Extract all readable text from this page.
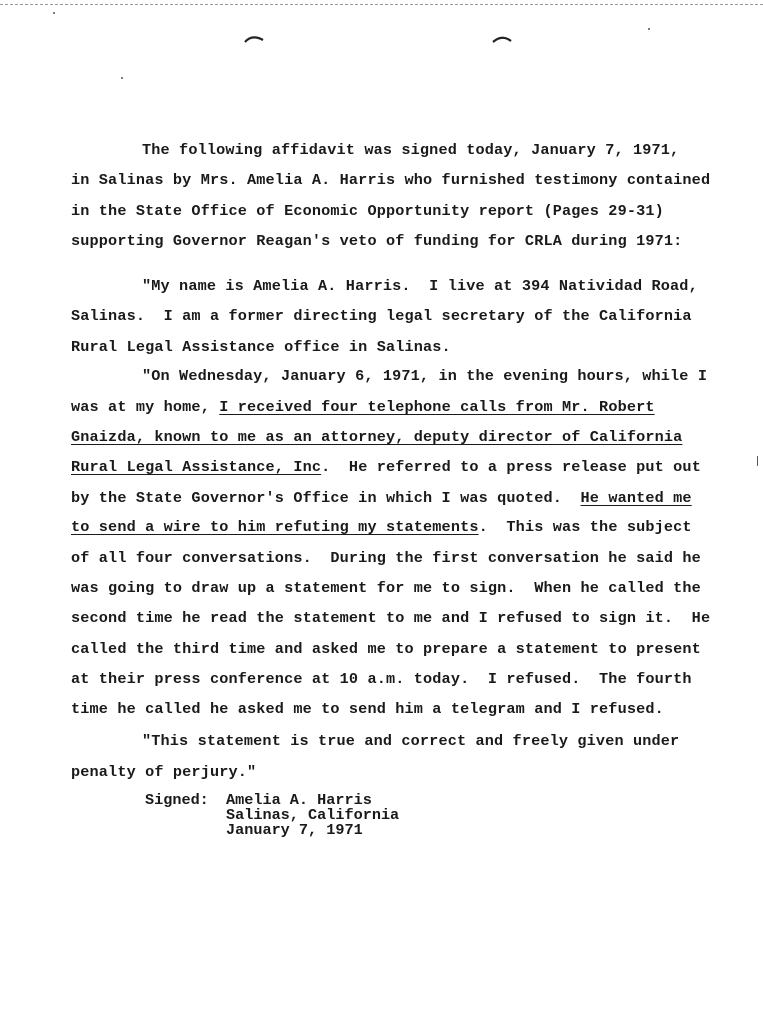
The following affidavit was signed today, January 7, 1971,
in Salinas by Mrs. Amelia A. Harris who furnished testimony contained
in the State Office of Economic Opportunity report (Pages 29-31)
supporting Governor Reagan's veto of funding for CRLA during 1971:
"My name is Amelia A. Harris.  I live at 394 Natividad Road,
Salinas.  I am a former directing legal secretary of the California
Rural Legal Assistance office in Salinas.
"On Wednesday, January 6, 1971, in the evening hours, while I
was at my home, I received four telephone calls from Mr. Robert
Gnaizda, known to me as an attorney, deputy director of California
Rural Legal Assistance, Inc.  He referred to a press release put out
by the State Governor's Office in which I was quoted.  He wanted me
to send a wire to him refuting my statements.  This was the subject
of all four conversations.  During the first conversation he said he
was going to draw up a statement for me to sign.  When he called the
second time he read the statement to me and I refused to sign it.  He
called the third time and asked me to prepare a statement to present
at their press conference at 10 a.m. today.  I refused.  The fourth
time he called he asked me to send him a telegram and I refused.
"This statement is true and correct and freely given under
penalty of perjury."
Signed: Amelia A. Harris
Salinas, California
January 7, 1971
